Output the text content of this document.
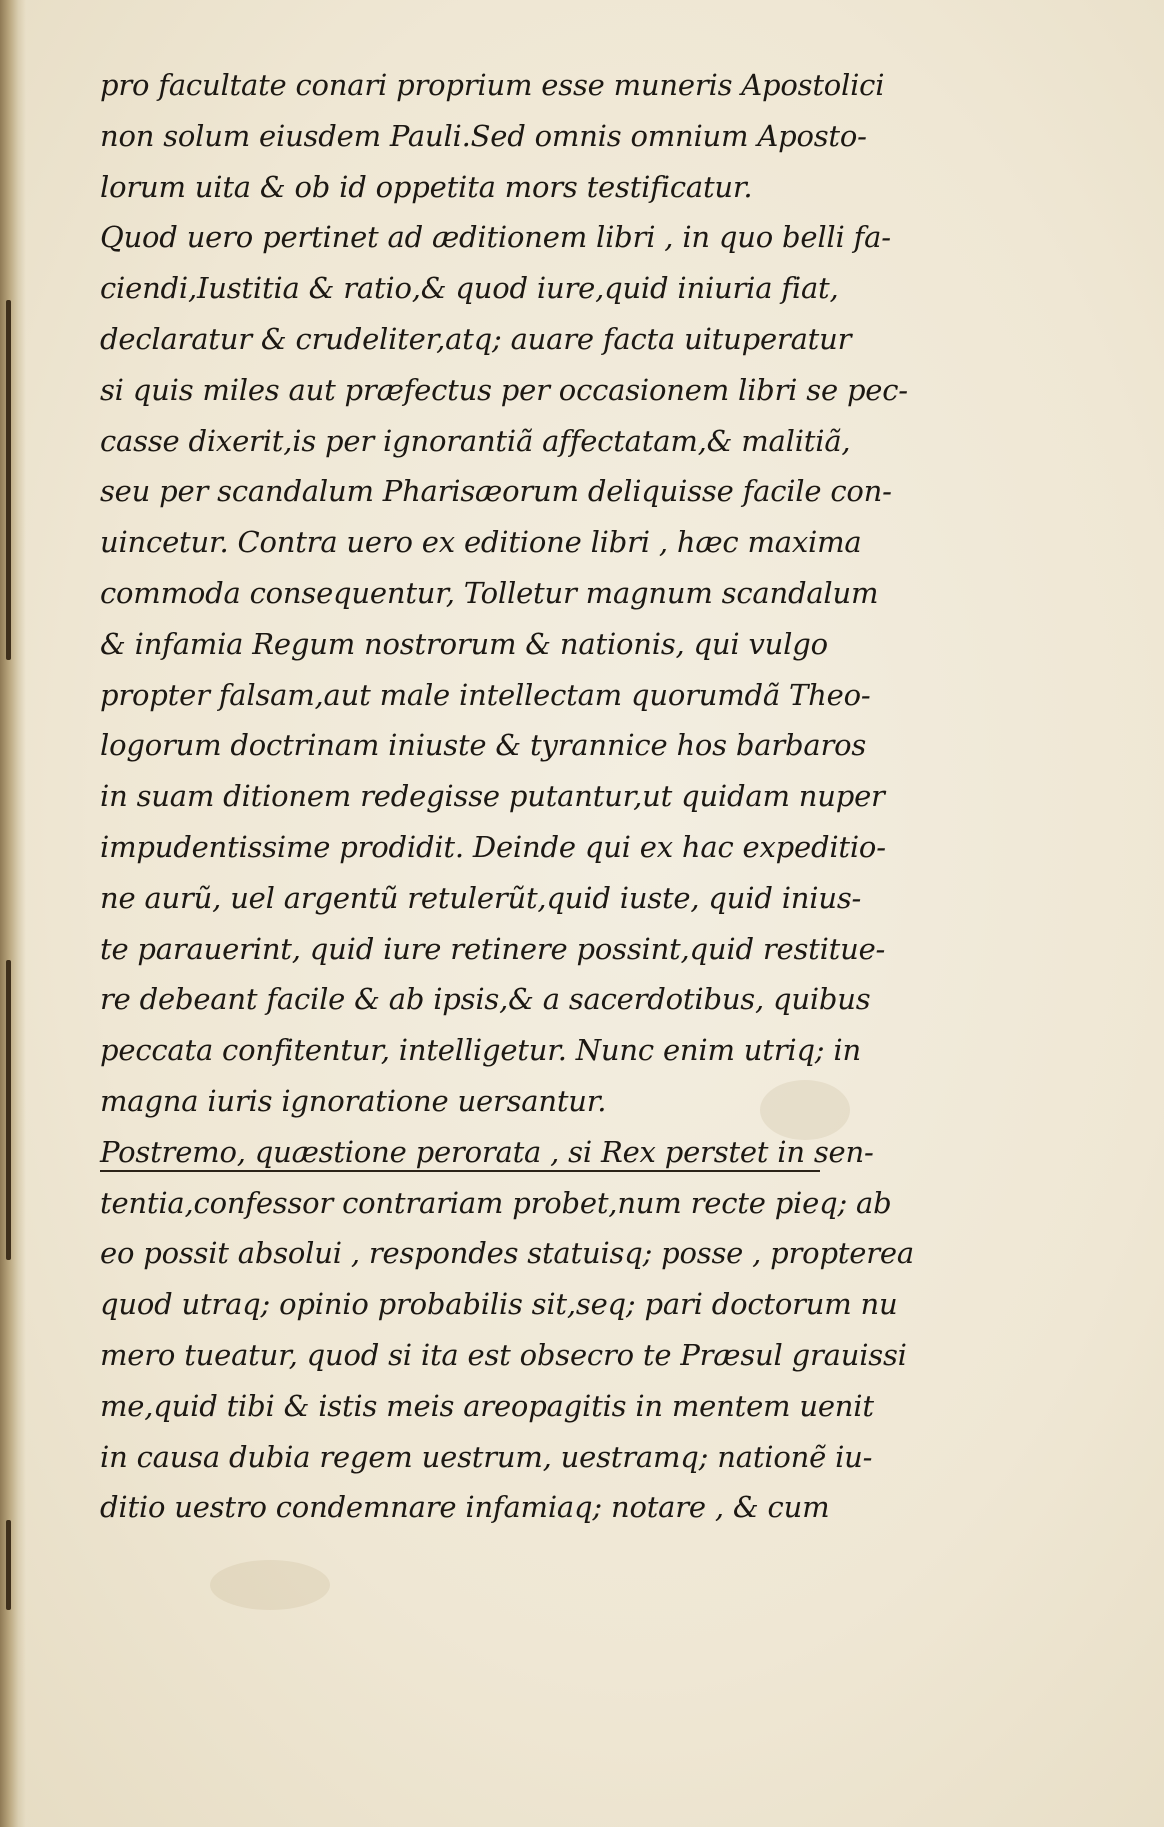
pro facultate conari proprium esse muneris Apostolici
non solum eiusdem Pauli.Sed omnis omnium Aposto-
lorum uita & ob id oppetita mors testificatur.
Quod uero pertinet ad æditionem libri , in quo belli fa-
ciendi,Iustitia & ratio,& quod iure,quid iniuria fiat,
declaratur & crudeliter,atq; auare facta uituperatur
si quis miles aut præfectus per occasionem libri se pec-
casse dixerit,is per ignorantiã affectatam,& malitiã,
seu per scandalum Pharisæorum deliquisse facile con-
uincetur. Contra uero ex editione libri , hæc maxima
commoda consequentur, Tolletur magnum scandalum
& infamia Regum nostrorum & nationis, qui vulgo
propter falsam,aut male intellectam quorumdã Theo-
logorum doctrinam iniuste & tyrannice hos barbaros
in suam ditionem redegisse putantur,ut quidam nuper
impudentissime prodidit. Deinde qui ex hac expeditio-
ne aurũ, uel argentũ retulerũt,quid iuste, quid inius-
te parauerint, quid iure retinere possint,quid restitue-
re debeant facile & ab ipsis,& a sacerdotibus, quibus
peccata confitentur, intelligetur. Nunc enim utriq; in
magna iuris ignoratione uersantur.
Postremo, quæstione perorata , si Rex perstet in sen-
tentia,confessor contrariam probet,num recte pieq; ab
eo possit absolui , respondes statuisq; posse , propterea
quod utraq; opinio probabilis sit,seq; pari doctorum nu
mero tueatur, quod si ita est obsecro te Præsul grauissi
me,quid tibi & istis meis areopagitis in mentem uenit
in causa dubia regem uestrum, uestramq; nationẽ iu-
ditio uestro condemnare infamiaq; notare , & cum
